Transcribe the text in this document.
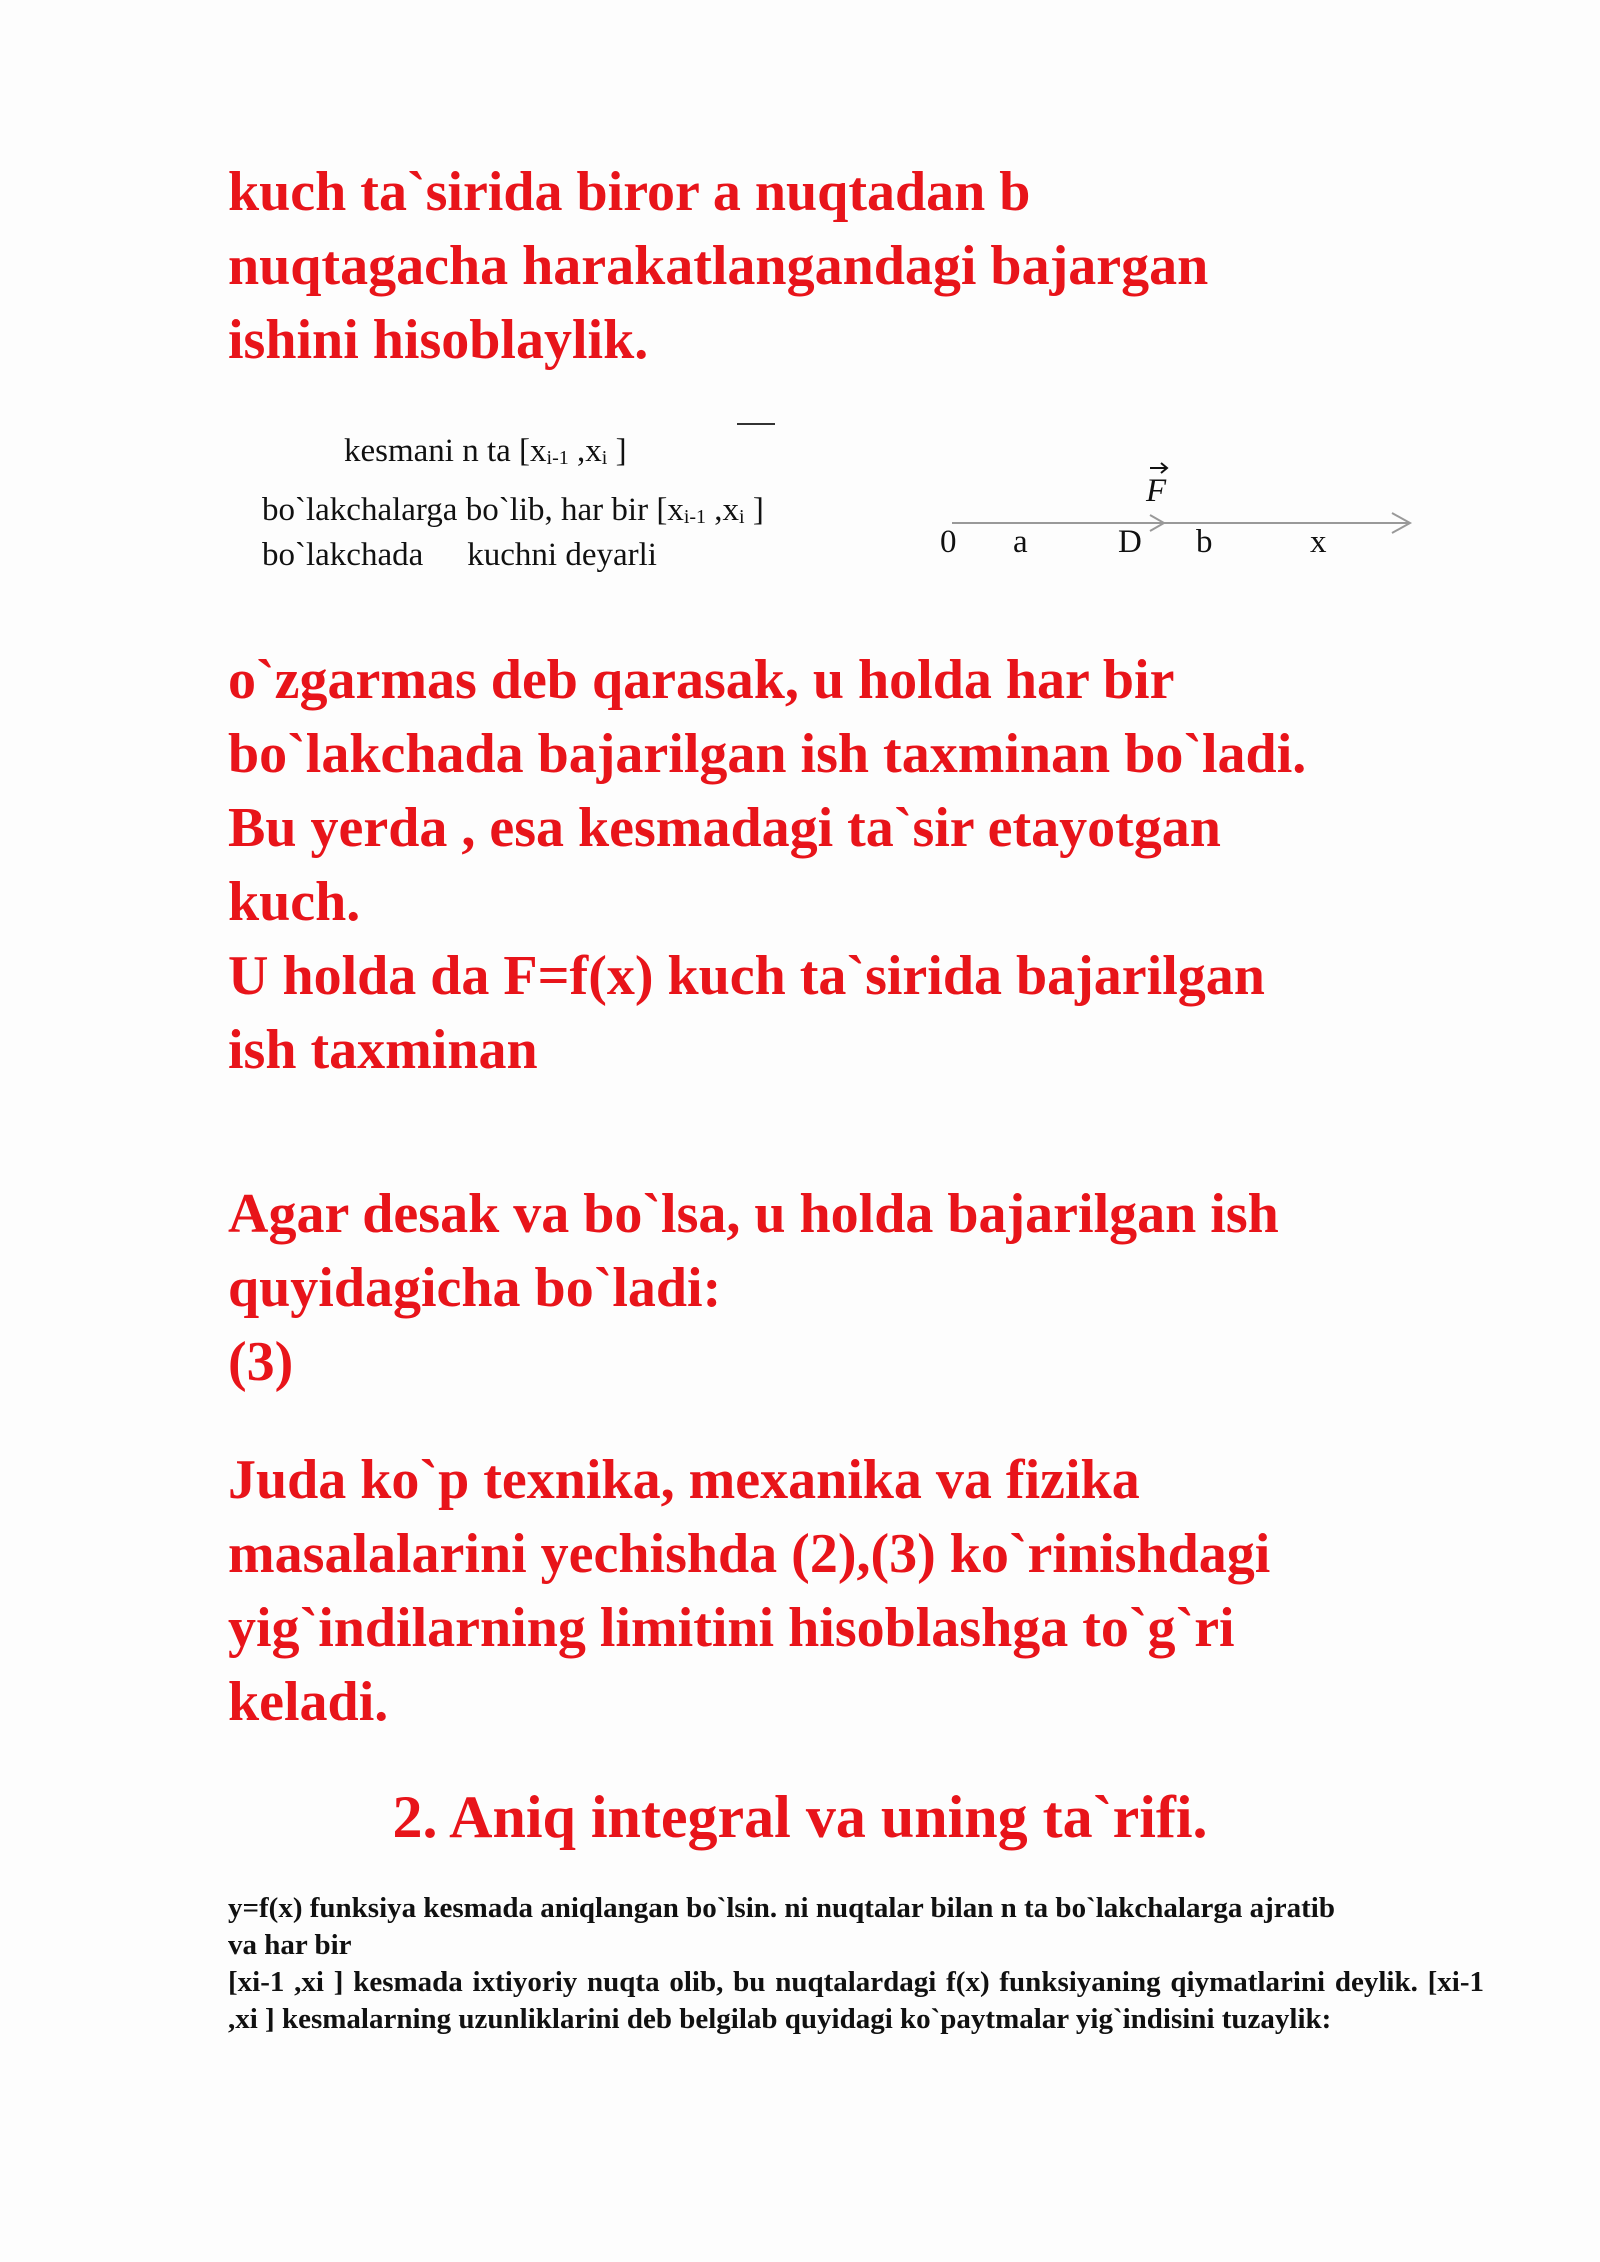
kuch ta`sirida biror a nuqtadan b
nuqtagacha harakatlangandagi bajargan
ishini hisoblaylik.
kesmani n ta [$x_{i-1}$ $,x_i$ ]
bo`lakchalarga bo`lib, har bir [$x_{i-1}$ $,x_i$ ]
bo`lakchada kuchni deyarli
F
0 a	D b	x
o`zgarmas deb qarasak, u holda har bir
bo`lakchada bajarilgan ish taxminan bo`ladi.
Bu yerda , esa kesmadagi ta`sir etayotgan
kuch.
U holda da F=f(x) kuch ta`sirida bajarilgan
ish taxminan
Agar desak va bo`lsa, u holda bajarilgan ish
quyidagicha bo`ladi:
(3)
Juda ko`p texnika, mexanika va fizika
masalalarini yechishda (2),(3) ko`rinishdagi
yig`indilarning limitini hisoblashga to`g`ri
keladi.
2. Aniq integral va uning ta`rifi.
y=f(x) funksiya kesmada aniqlangan bo`lsin. ni nuqtalar bilan n ta bo`lakchalarga ajratib
va har bir
[xi-1 ,xi ] kesmada ixtiyoriy nuqta olib, bu nuqtalardagi f(x) funksiyaning qiymatlarini deylik. [xi-1 ,xi ] kesmalarning uzunliklarini deb belgilab quyidagi ko`paytmalar yig`indisini tuzaylik:
